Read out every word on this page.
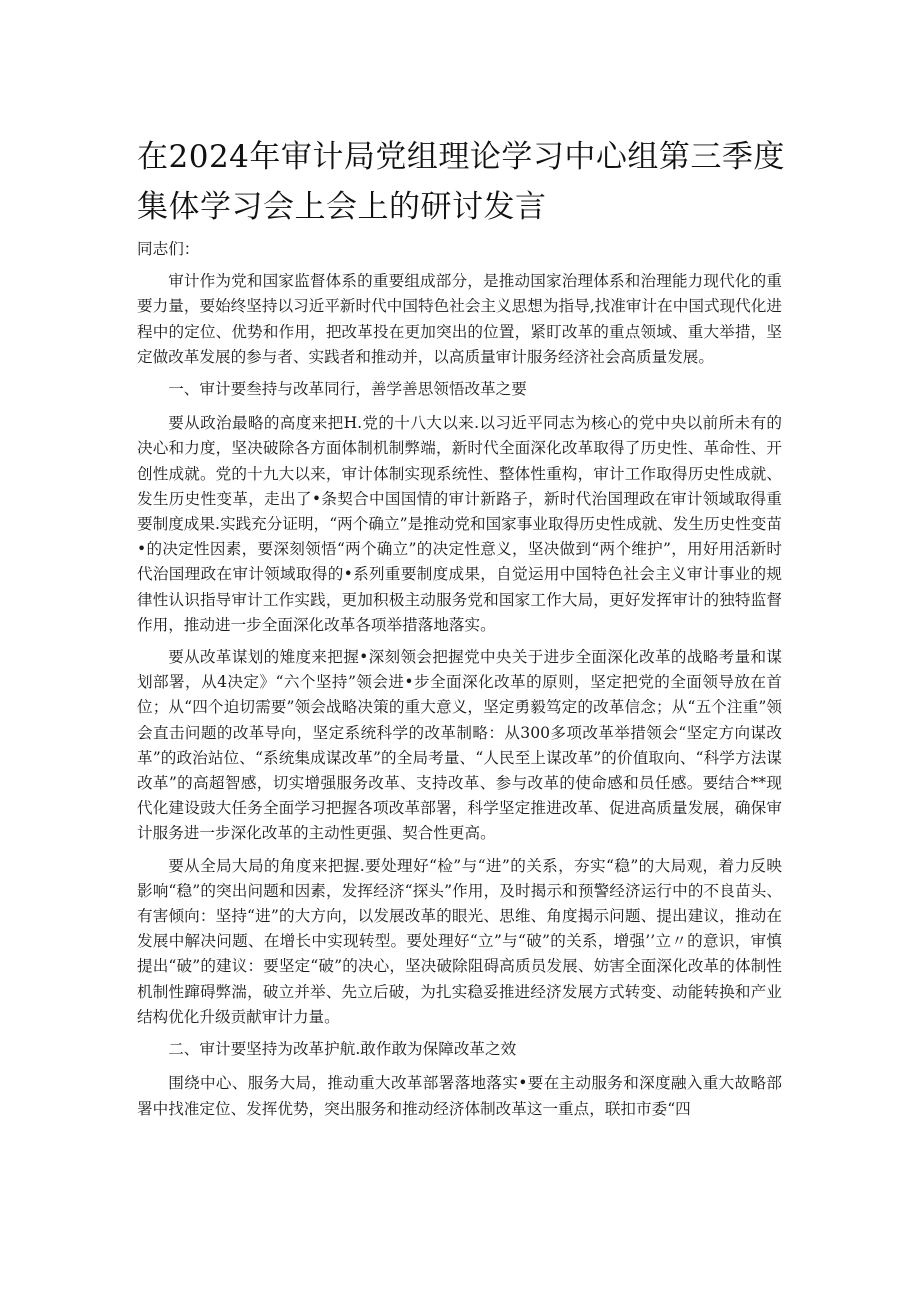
在2024年审计局党组理论学习中心组第三季度集体学习会上会上的研讨发言

同志们：

审计作为党和国家监督体系的重要组成部分，是推动国家治理体系和治理能力现代化的重要力量，要始终坚持以习近平新时代中国特色社会主义思想为指导,找准审计在中国式现代化进程中的定位、优势和作用，把改革投在更加突出的位置，紧盯改革的重点领域、重大举措，坚定做改革发展的参与者、实践者和推动并，以高质量审计服务经济社会高质量发展。

一、审计要叁持与改革同行，善学善思领悟改革之要

要从政治最略的高度来把H.党的十八大以来.以习近平同志为核心的党中央以前所未有的决心和力度，坚决破除各方面体制机制弊端，新时代全面深化改革取得了历史性、革命性、开创性成就。党的十九大以来，审计体制实现系统性、整体性重构，审计工作取得历史性成就、发生历史性变革，走出了•条契合中国国情的审计新路子，新时代治国理政在审计领域取得重要制度成果.实践充分证明，“两个确立”是推动党和国家事业取得历史性成就、发生历史性变苗•的决定性因素，要深刻领悟“两个确立”的决定性意义，坚决做到“两个维护”，用好用活新时代治国理政在审计领域取得的•系列重要制度成果，自觉运用中国特色社会主义审计事业的规律性认识指导审计工作实践，更加积极主动服务党和国家工作大局，更好发挥审计的独特监督作用，推动进一步全面深化改革各项举措落地落实。

要从改革谋划的雉度来把握•深刻领会把握党中央关于进步全面深化改革的战略考量和谋划部署，从4决定》“六个坚持”领会进•步全面深化改革的原则，坚定把党的全面领导放在首位；从“四个迫切需要”领会战略决策的重大意义，坚定勇毅笃定的改革信念；从“五个注重”领会直击问题的改革导向，坚定系统科学的改革制略：从300多项改革举措领会“坚定方向谋改革”的政治站位、“系统集成谋改革”的全局考量、“人民至上谋改革”的价值取向、“科学方法谋改革”的高超智感，切实增强服务改革、支持改革、参与改革的使命感和员任感。要结合**现代化建设豉大任务全面学习把握各项改革部署，科学坚定推进改革、促进高质量发展，确保审计服务进一步深化改革的主动性更强、契合性更高。

要从全局大局的角度来把握.要处理好“检”与“进”的关系，夯实“稳”的大局观，着力反映影响“稳”的突出问题和因素，发挥经济“探头”作用，及时揭示和预警经济运行中的不良苗头、有害倾向：坚持“进”的大方向，以发展改革的眼光、思维、角度揭示问题、提出建议，推动在发展中解决问题、在增长中实现转型。要处理好“立”与“破”的关系，增强’’立〃的意识，审慎提出“破”的建议：要坚定“破”的决心，坚决破除阻碍高质员发展、妨害全面深化改革的体制性机制性蹿碍弊湍，破立并举、先立后破，为扎实稳妥推进经济发展方式转变、动能转换和产业结构优化升级贡献审计力量。

二、审计要坚持为改革护航.敢作敢为保障改革之效

围绕中心、服务大局，推动重大改革部署落地落实•要在主动服务和深度融入重大故略部署中找准定位、发挥优势，突出服务和推动经济体制改革这一重点，联扣市委“四
